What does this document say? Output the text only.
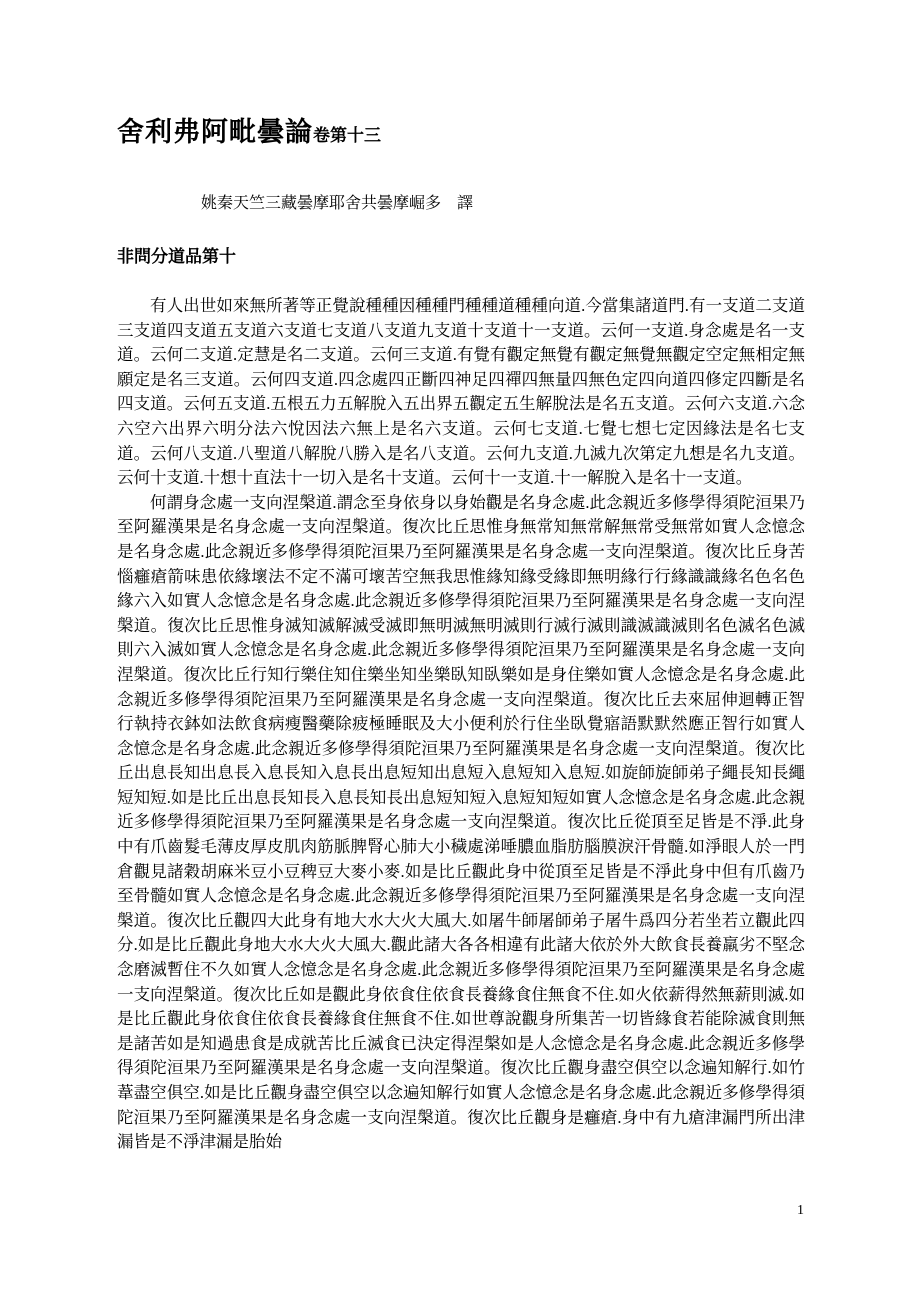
舍利弗阿毗曇論卷第十三

姚秦天竺三藏曇摩耶舍共曇摩崛多　譯

非問分道品第十

有人出世如來無所著等正覺說種種因種種門種種道種種向道.今當集諸道門.有一支道二支道三支道四支道五支道六支道七支道八支道九支道十支道十一支道。云何一支道.身念處是名一支道。云何二支道.定慧是名二支道。云何三支道.有覺有觀定無覺有觀定無覺無觀定空定無相定無願定是名三支道。云何四支道.四念處四正斷四神足四禪四無量四無色定四向道四修定四斷是名四支道。云何五支道.五根五力五解脫入五出界五觀定五生解脫法是名五支道。云何六支道.六念六空六出界六明分法六悅因法六無上是名六支道。云何七支道.七覺七想七定因緣法是名七支道。云何八支道.八聖道八解脫八勝入是名八支道。云何九支道.九滅九次第定九想是名九支道。云何十支道.十想十直法十一切入是名十支道。云何十一支道.十一解脫入是名十一支道。

何謂身念處一支向涅槃道.謂念至身依身以身始觀是名身念處.此念親近多修學得須陀洹果乃至阿羅漢果是名身念處一支向涅槃道。復次比丘思惟身無常知無常解無常受無常如實人念憶念是名身念處.此念親近多修學得須陀洹果乃至阿羅漢果是名身念處一支向涅槃道。復次比丘身苦惱癰瘡箭味患依緣壞法不定不滿可壞苦空無我思惟緣知緣受緣即無明緣行行緣識識緣名色名色緣六入如實人念憶念是名身念處.此念親近多修學得須陀洹果乃至阿羅漢果是名身念處一支向涅槃道。復次比丘思惟身滅知滅解滅受滅即無明滅無明滅則行滅行滅則識滅識滅則名色滅名色滅則六入滅如實人念憶念是名身念處.此念親近多修學得須陀洹果乃至阿羅漢果是名身念處一支向涅槃道。復次比丘行知行樂住知住樂坐知坐樂臥知臥樂如是身住樂如實人念憶念是名身念處.此念親近多修學得須陀洹果乃至阿羅漢果是名身念處一支向涅槃道。復次比丘去來屈伸迴轉正智行執持衣鉢如法飲食病瘦醫藥除疲極睡眠及大小便利於行住坐臥覺寤語默默然應正智行如實人念憶念是名身念處.此念親近多修學得須陀洹果乃至阿羅漢果是名身念處一支向涅槃道。復次比丘出息長知出息長入息長知入息長出息短知出息短入息短知入息短.如旋師旋師弟子繩長知長繩短知短.如是比丘出息長知長入息長知長出息短知短入息短知短如實人念憶念是名身念處.此念親近多修學得須陀洹果乃至阿羅漢果是名身念處一支向涅槃道。復次比丘從頂至足皆是不淨.此身中有爪齒髮毛薄皮厚皮肌肉筋脈脾腎心肺大小穢處涕唾膿血脂肪腦膜淚汗骨髓.如淨眼人於一門倉觀見諸穀胡麻米豆小豆稗豆大麥小麥.如是比丘觀此身中從頂至足皆是不淨此身中但有爪齒乃至骨髓如實人念憶念是名身念處.此念親近多修學得須陀洹果乃至阿羅漢果是名身念處一支向涅槃道。復次比丘觀四大此身有地大水大火大風大.如屠牛師屠師弟子屠牛爲四分若坐若立觀此四分.如是比丘觀此身地大水大火大風大.觀此諸大各各相違有此諸大依於外大飲食長養羸劣不堅念念磨滅暫住不久如實人念憶念是名身念處.此念親近多修學得須陀洹果乃至阿羅漢果是名身念處一支向涅槃道。復次比丘如是觀此身依食住依食長養緣食住無食不住.如火依薪得然無薪則滅.如是比丘觀此身依食住依食長養緣食住無食不住.如世尊說觀身所集苦一切皆緣食若能除滅食則無是諸苦如是知過患食是成就苦比丘滅食已決定得涅槃如是人念憶念是名身念處.此念親近多修學得須陀洹果乃至阿羅漢果是名身念處一支向涅槃道。復次比丘觀身盡空俱空以念遍知解行.如竹葦盡空俱空.如是比丘觀身盡空俱空以念遍知解行如實人念憶念是名身念處.此念親近多修學得須陀洹果乃至阿羅漢果是名身念處一支向涅槃道。復次比丘觀身是癰瘡.身中有九瘡津漏門所出津漏皆是不淨津漏是胎始

1
